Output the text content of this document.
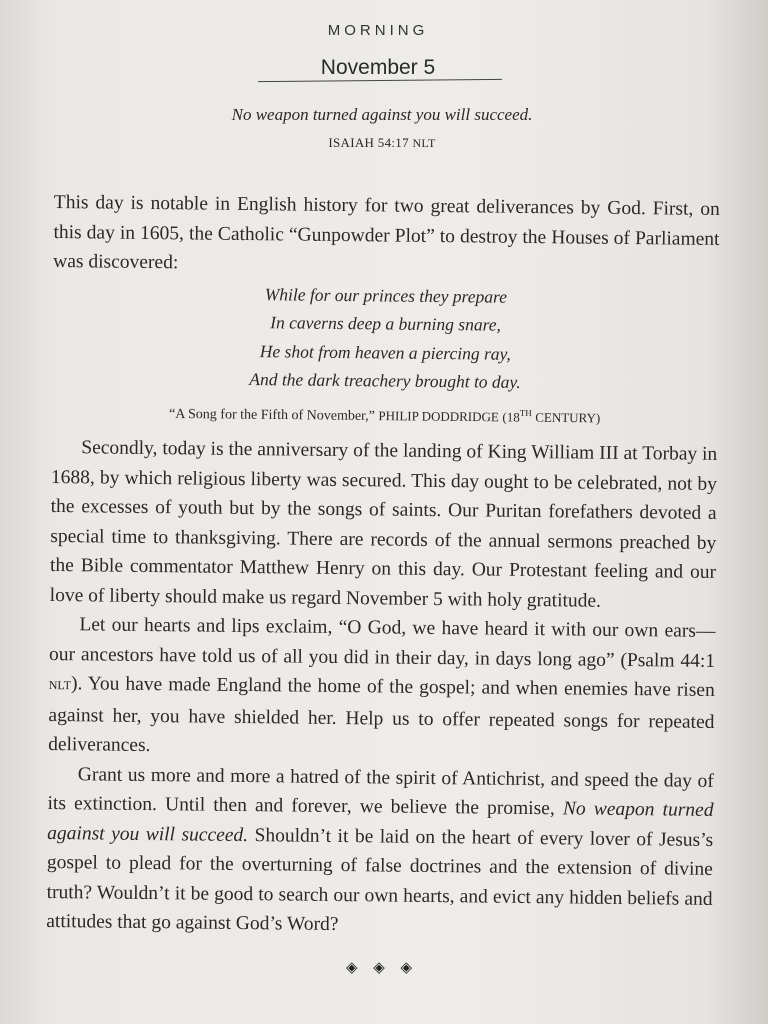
MORNING
November 5
No weapon turned against you will succeed.
ISAIAH 54:17 NLT

This day is notable in English history for two great deliverances by God. First, on this day in 1605, the Catholic “Gunpowder Plot” to destroy the Houses of Parliament was discovered:

While for our princes they prepare
In caverns deep a burning snare,
He shot from heaven a piercing ray,
And the dark treachery brought to day.
“A Song for the Fifth of November,” PHILIP DODDRIDGE (18TH CENTURY)

Secondly, today is the anniversary of the landing of King William III at Torbay in 1688, by which religious liberty was secured. This day ought to be celebrated, not by the excesses of youth but by the songs of saints. Our Puritan forefathers devoted a special time to thanksgiving. There are records of the annual sermons preached by the Bible commentator Matthew Henry on this day. Our Protestant feeling and our love of liberty should make us regard November 5 with holy gratitude.

Let our hearts and lips exclaim, “O God, we have heard it with our own ears—our ancestors have told us of all you did in their day, in days long ago” (Psalm 44:1 NLT). You have made England the home of the gospel; and when enemies have risen against her, you have shielded her. Help us to offer repeated songs for repeated deliverances.

Grant us more and more a hatred of the spirit of Antichrist, and speed the day of its extinction. Until then and forever, we believe the promise, No weapon turned against you will succeed. Shouldn’t it be laid on the heart of every lover of Jesus’s gospel to plead for the overturning of false doctrines and the extension of divine truth? Wouldn’t it be good to search our own hearts, and evict any hidden beliefs and attitudes that go against God’s Word?

◈ ◈ ◈
